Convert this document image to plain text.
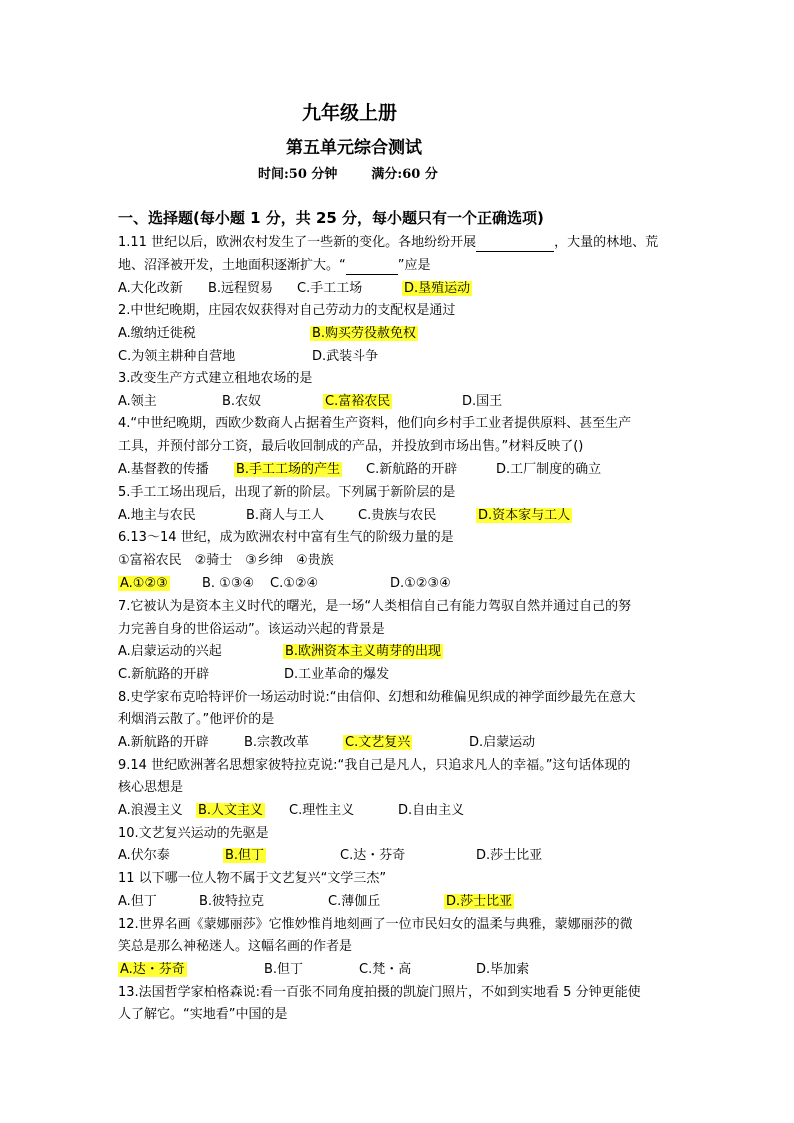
九年级上册
第五单元综合测试
时间:50 分钟	满分:60 分
一、选择题(每小题 1 分，共 25 分，每小题只有一个正确选项)
1.11 世纪以后，欧洲农村发生了一些新的变化。各地纷纷开展	，大量的林地、荒
地、沼泽被开发，土地面积逐渐扩大。“	”应是
A.大化改新 B.远程贸易 C.手工工场	D.垦殖运动
2.中世纪晚期，庄园农奴获得对自己劳动力的支配权是通过
A.缴纳迁徙税	B.购买劳役赦免权
C.为领主耕种自营地	D.武装斗争
3.改变生产方式建立租地农场的是
A.领主	B.农奴	C.富裕农民	D.国王
4.“中世纪晚期，西欧少数商人占据着生产资料，他们向乡村手工业者提供原料、甚至生产
工具，并预付部分工资，最后收回制成的产品，并投放到市场出售。”材料反映了()
A.基督教的传播 B.手工工场的产生 C.新航路的开辟	D.工厂制度的确立
5.手工工场出现后，出现了新的阶层。下列属于新阶层的是
A.地主与农民	B.商人与工人	C.贵族与农民	D.资本家与工人
6.13～14 世纪，成为欧洲农村中富有生气的阶级力量的是
①富裕农民　②骑士　③乡绅　④贵族
A.①②③	B. ①③④ C.①②④	D.①②③④
7.它被认为是资本主义时代的曙光，是一场“人类相信自己有能力驾驭自然并通过自己的努
力完善自身的世俗运动”。该运动兴起的背景是
A.启蒙运动的兴起	B.欧洲资本主义萌芽的出现
C.新航路的开辟	D.工业革命的爆发
8.史学家布克哈特评价一场运动时说:“由信仰、幻想和幼稚偏见织成的神学面纱最先在意大
利烟消云散了。”他评价的是
A.新航路的开辟	B.宗教改革	C.文艺复兴	D.启蒙运动
9.14 世纪欧洲著名思想家彼特拉克说:“我自己是凡人，只追求凡人的幸福。”这句话体现的
核心思想是
A.浪漫主义 B.人文主义 C.理性主义	D.自由主义
10.文艺复兴运动的先驱是
A.伏尔泰	B.但丁	C.达・芬奇	D.莎士比亚
11 以下哪一位人物不属于文艺复兴“文学三杰”
A.但丁	B.彼特拉克	C.薄伽丘	D.莎士比亚
12.世界名画《蒙娜丽莎》它惟妙惟肖地刻画了一位市民妇女的温柔与典雅，蒙娜丽莎的微
笑总是那么神秘迷人。这幅名画的作者是
A.达・芬奇	B.但丁	C.梵・高	D.毕加索
13.法国哲学家柏格森说:看一百张不同角度拍摄的凯旋门照片，不如到实地看 5 分钟更能使
人了解它。“实地看”中国的是
